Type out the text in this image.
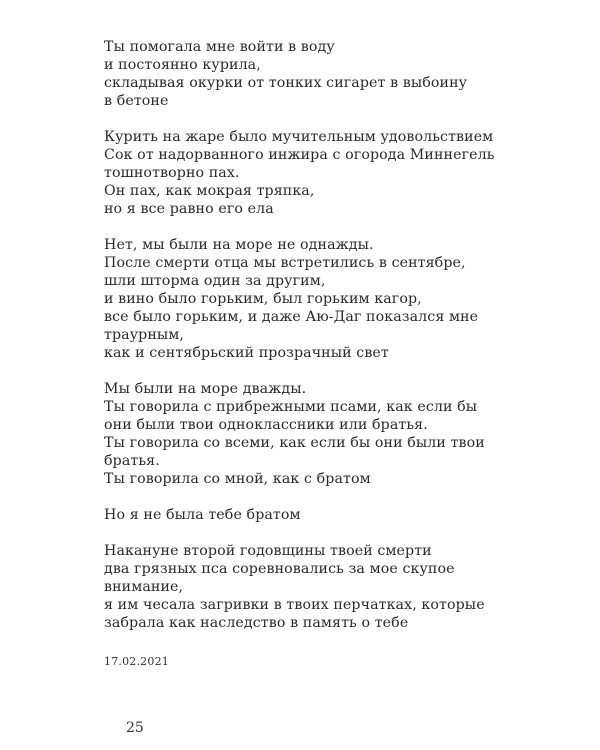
Ты помогала мне войти в воду
и постоянно курила,
складывая окурки от тонких сигарет в выбоину
в бетоне
Курить на жаре было мучительным удовольствием
Сок от надорванного инжира с огорода Миннегель
тошнотворно пах.
Он пах, как мокрая тряпка,
но я все равно его ела
Нет, мы были на море не однажды.
После смерти отца мы встретились в сентябре,
шли шторма один за другим,
и вино было горьким, был горьким кагор,
все было горьким, и даже Аю-Даг показался мне
траурным,
как и сентябрьский прозрачный свет
Мы были на море дважды.
Ты говорила с прибрежными псами, как если бы
они были твои одноклассники или братья.
Ты говорила со всеми, как если бы они были твои
братья.
Ты говорила со мной, как с братом
Но я не была тебе братом
Накануне второй годовщины твоей смерти
два грязных пса соревновались за мое скупое
внимание,
я им чесала загривки в твоих перчатках, которые
забрала как наследство в память о тебе
17.02.2021
25
